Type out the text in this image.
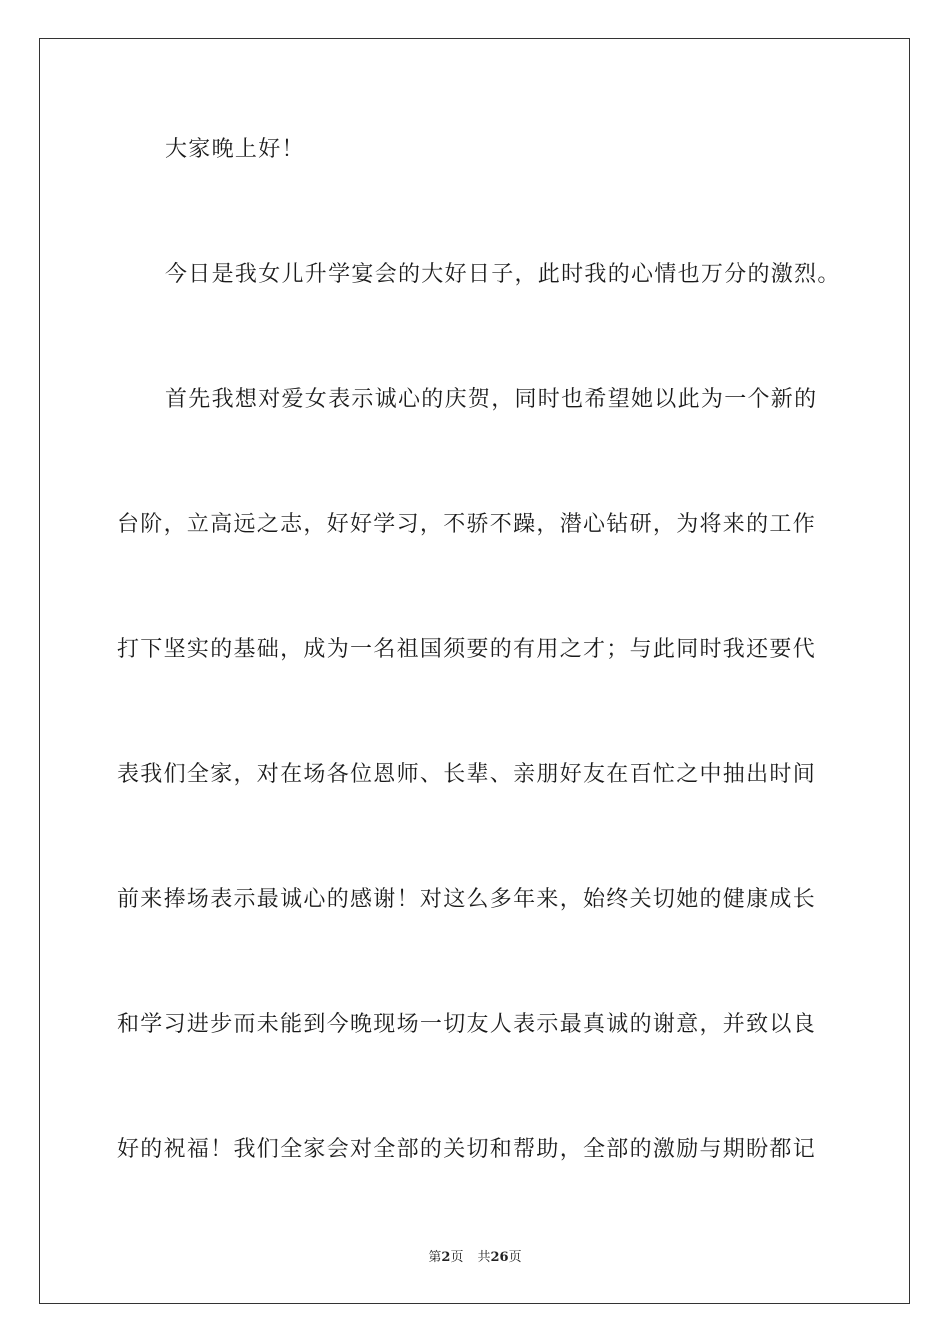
大家晚上好！
今日是我女儿升学宴会的大好日子，此时我的心情也万分的激烈。
首先我想对爱女表示诚心的庆贺，同时也希望她以此为一个新的
台阶，立高远之志，好好学习，不骄不躁，潜心钻研，为将来的工作
打下坚实的基础，成为一名祖国须要的有用之才；与此同时我还要代
表我们全家，对在场各位恩师、长辈、亲朋好友在百忙之中抽出时间
前来捧场表示最诚心的感谢！对这么多年来，始终关切她的健康成长
和学习进步而未能到今晚现场一切友人表示最真诚的谢意，并致以良
好的祝福！我们全家会对全部的关切和帮助，全部的激励与期盼都记
第2页 共26页
